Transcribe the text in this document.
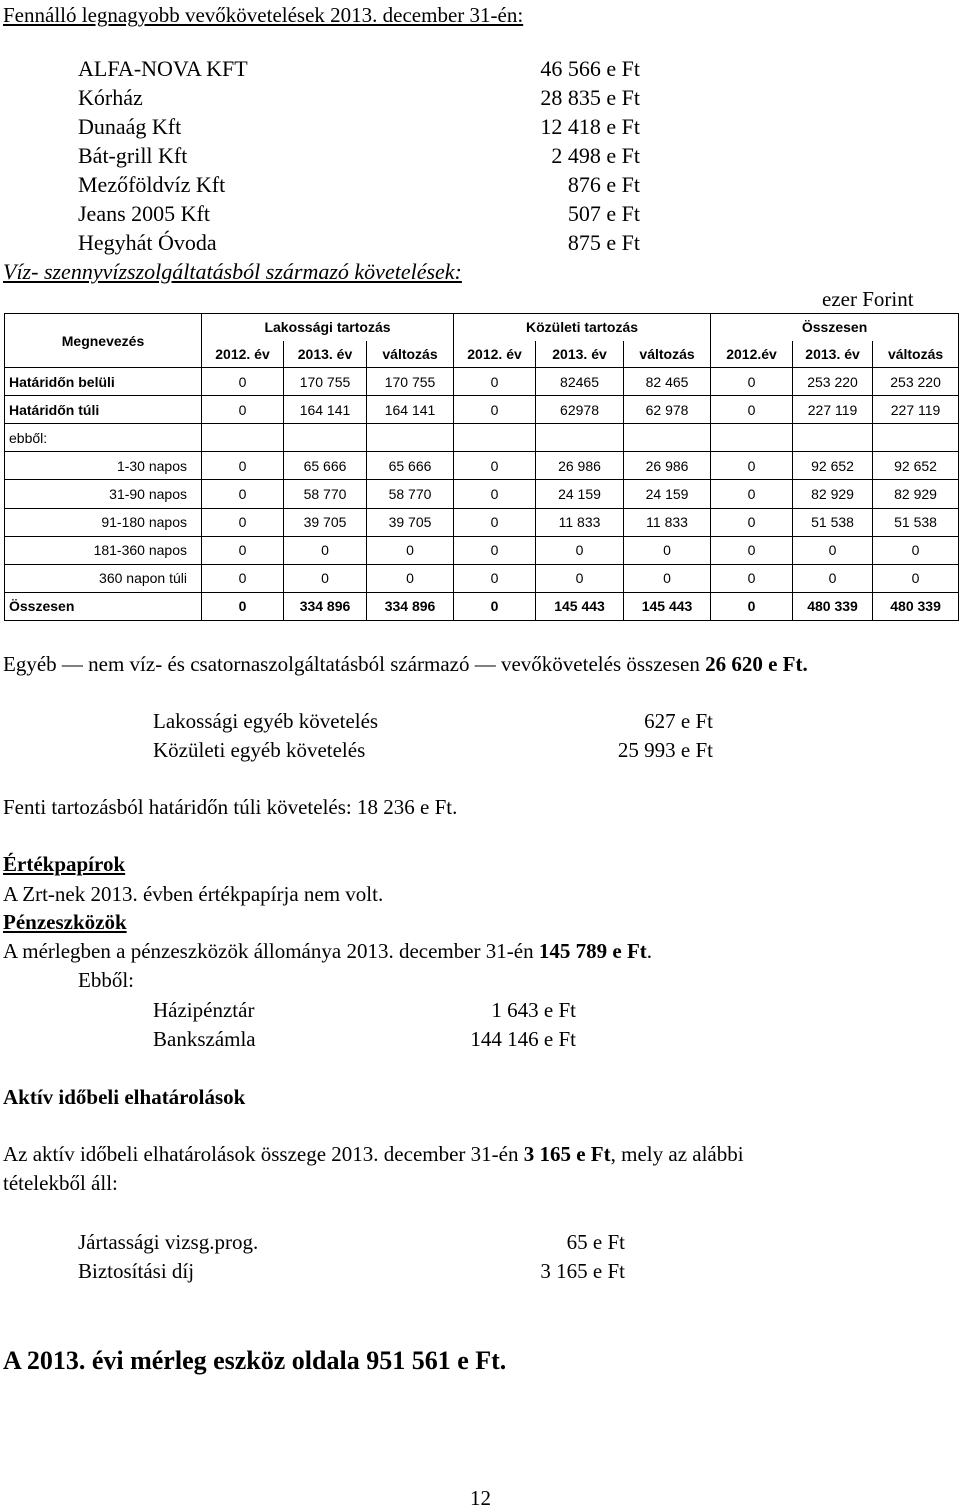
Fennálló legnagyobb vevőkövetelések 2013. december 31-én:
ALFA-NOVA KFT	46 566 e Ft
Kórház	28 835 e Ft
Dunaág Kft	12 418 e Ft
Bát-grill Kft	2 498 e Ft
Mezőföldvíz Kft	876 e Ft
Jeans 2005 Kft	507 e Ft
Hegyhát Óvoda	875 e Ft
Víz- szennyvízszolgáltatásból származó követelések:
ezer Forint
Megnevezés	Lakossági tartozás			Közületi tartozás			Összesen		
	2012. év	2013. év	változás	2012. év	2013. év	változás	2012.év	2013. év	változás
Határidőn belüli	0	170 755	170 755	0	82465	82 465	0	253 220	253 220
Határidőn túli	0	164 141	164 141	0	62978	62 978	0	227 119	227 119
ebből:									
1-30 napos	0	65 666	65 666	0	26 986	26 986	0	92 652	92 652
31-90 napos	0	58 770	58 770	0	24 159	24 159	0	82 929	82 929
91-180 napos	0	39 705	39 705	0	11 833	11 833	0	51 538	51 538
181-360 napos	0	0	0	0	0	0	0	0	0
360 napon túli	0	0	0	0	0	0	0	0	0
Összesen	0	334 896	334 896	0	145 443	145 443	0	480 339	480 339
Egyéb — nem víz- és csatornaszolgáltatásból származó — vevőkövetelés összesen 26 620 e Ft.
Lakossági egyéb követelés	627 e Ft
Közületi egyéb követelés	25 993 e Ft
Fenti tartozásból határidőn túli követelés: 18 236 e Ft.
Értékpapírok
A Zrt-nek 2013. évben értékpapírja nem volt.
Pénzeszközök
A mérlegben a pénzeszközök állománya 2013. december 31-én 145 789 e Ft.
Ebből:
Házipénztár	1 643 e Ft
Bankszámla	144 146 e Ft
Aktív időbeli elhatárolások
Az aktív időbeli elhatárolások összege 2013. december 31-én 3 165 e Ft, mely az alábbi
tételekből áll:
Jártassági vizsg.prog.	65 e Ft
Biztosítási díj	3 165 e Ft
A 2013. évi mérleg eszköz oldala 951 561 e Ft.
12
